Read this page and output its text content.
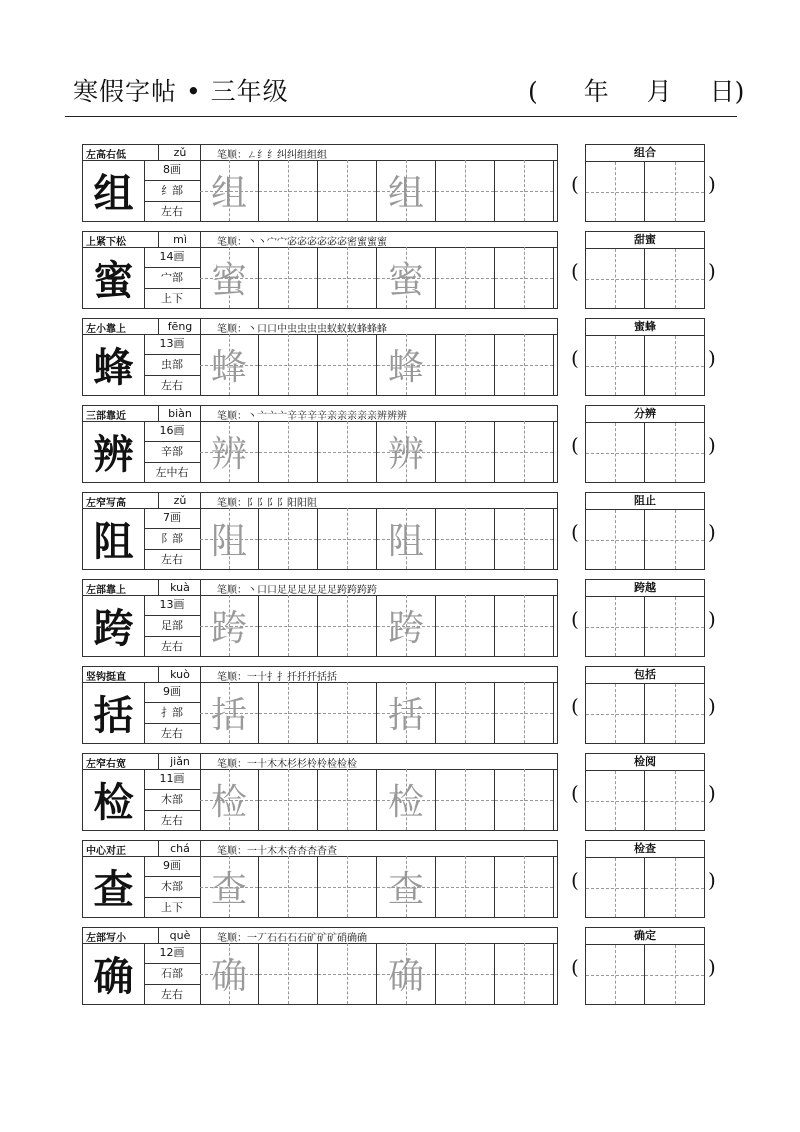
寒假字帖 • 三年级	( 年 月 日)
左高右低	zǔ	笔顺：ㄥ纟纟纠纠组组组
组
8画
纟部
左右 组	组	(
组合
)
上紧下松	mì	笔顺：丶丶宀宀宓宓宓宓宓宓密蜜蜜蜜
蜜
14画
宀部
上下 蜜	蜜	(
甜蜜
)
左小靠上	fēng	笔顺：丶口口中虫虫虫虫蚁蚁蚁蜂蜂蜂
蜂
13画
虫部
左右 蜂	蜂	(
蜜蜂
)
三部靠近	biàn	笔顺：丶亠亠亠辛辛辛辛亲亲亲亲亲辨辨辨
辨
16画
辛部
左中右 辨	辨	(
分辨
)
左窄写高	zǔ	笔顺：阝阝阝阝阳阳阻
阻
7画
阝部
左右 阻	阻	(
阻止
)
左部靠上	kuà	笔顺：丶口口足足足足足足跨跨跨跨
跨
13画
足部
左右 跨	跨	(
跨越
)
竖钩挺直	kuò	笔顺：一十扌扌扦扦扦括括
括
9画
扌部
左右 括	括	(
包括
)
左窄右宽	jiǎn	笔顺：一十木木杉杉柃柃检检检
检
11画
木部
左右 检	检	(
检阅
)
中心对正	chá	笔顺：一十木木杏杏杏杳查
查
9画
木部
上下 查	查	(
检查
)
左部写小	què	笔顺：一丆石石石石矿矿矿硝确确
确
12画
石部
左右 确	确	(
确定
)
